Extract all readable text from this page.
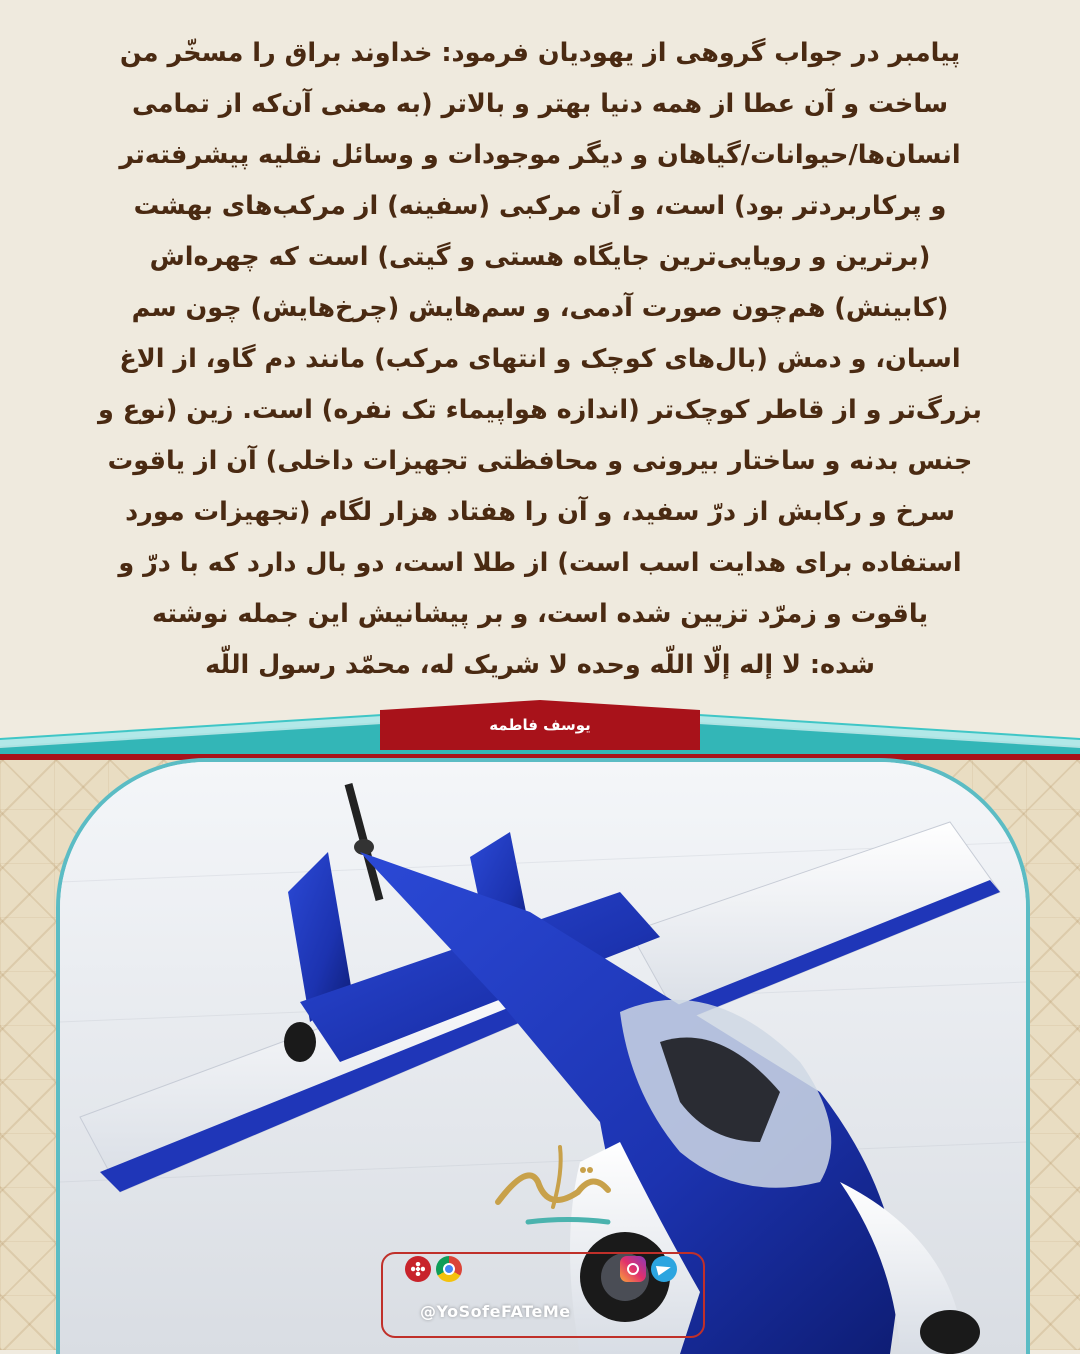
پیامبر در جواب گروهی از یهودیان فرمود: خداوند براق را مسخّر من
ساخت و آن عطا از همه دنیا بهتر و بالاتر (به معنی آن‌که از تمامی
انسان‌ها/حیوانات/گیاهان و دیگر موجودات و وسائل نقلیه پیشرفته‌تر
و پرکاربردتر بود) است، و آن مرکبی (سفینه) از مرکب‌های بهشت
(برترین و رویایی‌ترین جایگاه هستی و گیتی) است که چهره‌اش
(کابینش) هم‌چون صورت آدمی، و سم‌هایش (چرخ‌هایش) چون سم
اسبان، و دمش (بال‌های کوچک و انتهای مرکب) مانند دم گاو، از الاغ
بزرگ‌تر و از قاطر کوچک‌تر (اندازه هواپیماء تک نفره) است. زین (نوع و
جنس بدنه و ساختار بیرونی و محافظتی تجهیزات داخلی) آن از یاقوت
سرخ و رکابش از درّ سفید، و آن را هفتاد هزار لگام (تجهیزات مورد
استفاده برای هدایت اسب است) از طلا است، دو بال دارد که با درّ و
یاقوت و زمرّد تزیین شده است، و بر پیشانیش این جمله نوشته
شده: لا إله إلّا اللّه وحده لا شریک له، محمّد رسول اللّه

یوسف فاطمه
@YoSofeFATeMe
